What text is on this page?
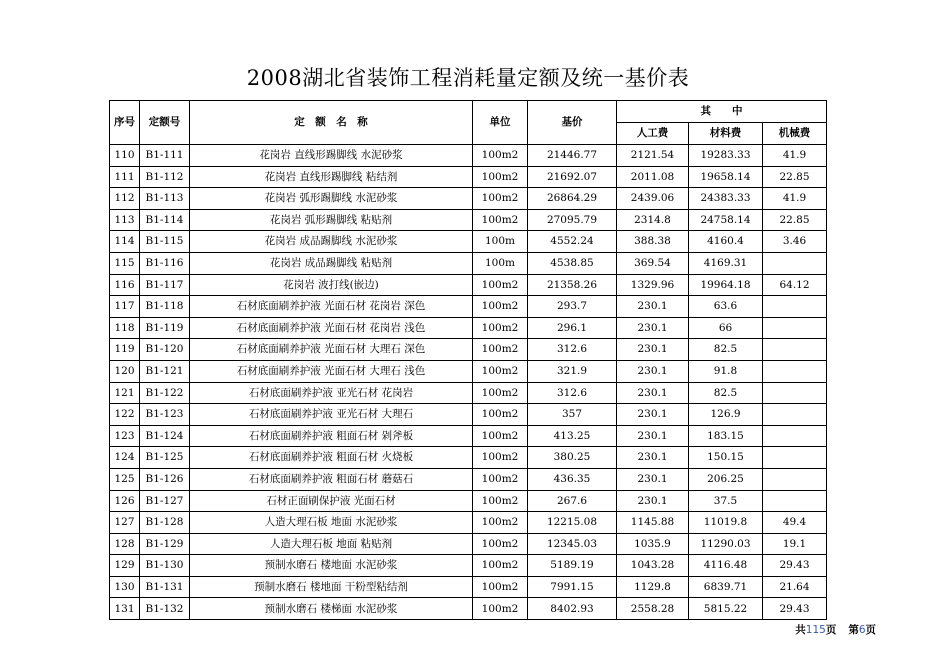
2008湖北省装饰工程消耗量定额及统一基价表
序号	定额号	定　额　名　称	单位	基价	其　　中		
					人工费	材料费	机械费
110	B1-111	花岗岩 直线形踢脚线 水泥砂浆	100m2	21446.77	2121.54	19283.33	41.9
111	B1-112	花岗岩 直线形踢脚线 粘结剂	100m2	21692.07	2011.08	19658.14	22.85
112	B1-113	花岗岩 弧形踢脚线 水泥砂浆	100m2	26864.29	2439.06	24383.33	41.9
113	B1-114	花岗岩 弧形踢脚线 粘贴剂	100m2	27095.79	2314.8	24758.14	22.85
114	B1-115	花岗岩 成品踢脚线 水泥砂浆	100m	4552.24	388.38	4160.4	3.46
115	B1-116	花岗岩 成品踢脚线 粘贴剂	100m	4538.85	369.54	4169.31	
116	B1-117	花岗岩 波打线(嵌边)	100m2	21358.26	1329.96	19964.18	64.12
117	B1-118	石材底面刷养护液 光面石材 花岗岩 深色	100m2	293.7	230.1	63.6	
118	B1-119	石材底面刷养护液 光面石材 花岗岩 浅色	100m2	296.1	230.1	66	
119	B1-120	石材底面刷养护液 光面石材 大理石 深色	100m2	312.6	230.1	82.5	
120	B1-121	石材底面刷养护液 光面石材 大理石 浅色	100m2	321.9	230.1	91.8	
121	B1-122	石材底面刷养护液 亚光石材 花岗岩	100m2	312.6	230.1	82.5	
122	B1-123	石材底面刷养护液 亚光石材 大理石	100m2	357	230.1	126.9	
123	B1-124	石材底面刷养护液 粗面石材 剁斧板	100m2	413.25	230.1	183.15	
124	B1-125	石材底面刷养护液 粗面石材 火烧板	100m2	380.25	230.1	150.15	
125	B1-126	石材底面刷养护液 粗面石材 蘑菇石	100m2	436.35	230.1	206.25	
126	B1-127	石材正面刷保护液 光面石材	100m2	267.6	230.1	37.5	
127	B1-128	人造大理石板 地面 水泥砂浆	100m2	12215.08	1145.88	11019.8	49.4
128	B1-129	人造大理石板 地面 粘贴剂	100m2	12345.03	1035.9	11290.03	19.1
129	B1-130	预制水磨石 楼地面 水泥砂浆	100m2	5189.19	1043.28	4116.48	29.43
130	B1-131	预制水磨石 楼地面 干粉型粘结剂	100m2	7991.15	1129.8	6839.71	21.64
131	B1-132	预制水磨石 楼梯面 水泥砂浆	100m2	8402.93	2558.28	5815.22	29.43
共115页 第6页
